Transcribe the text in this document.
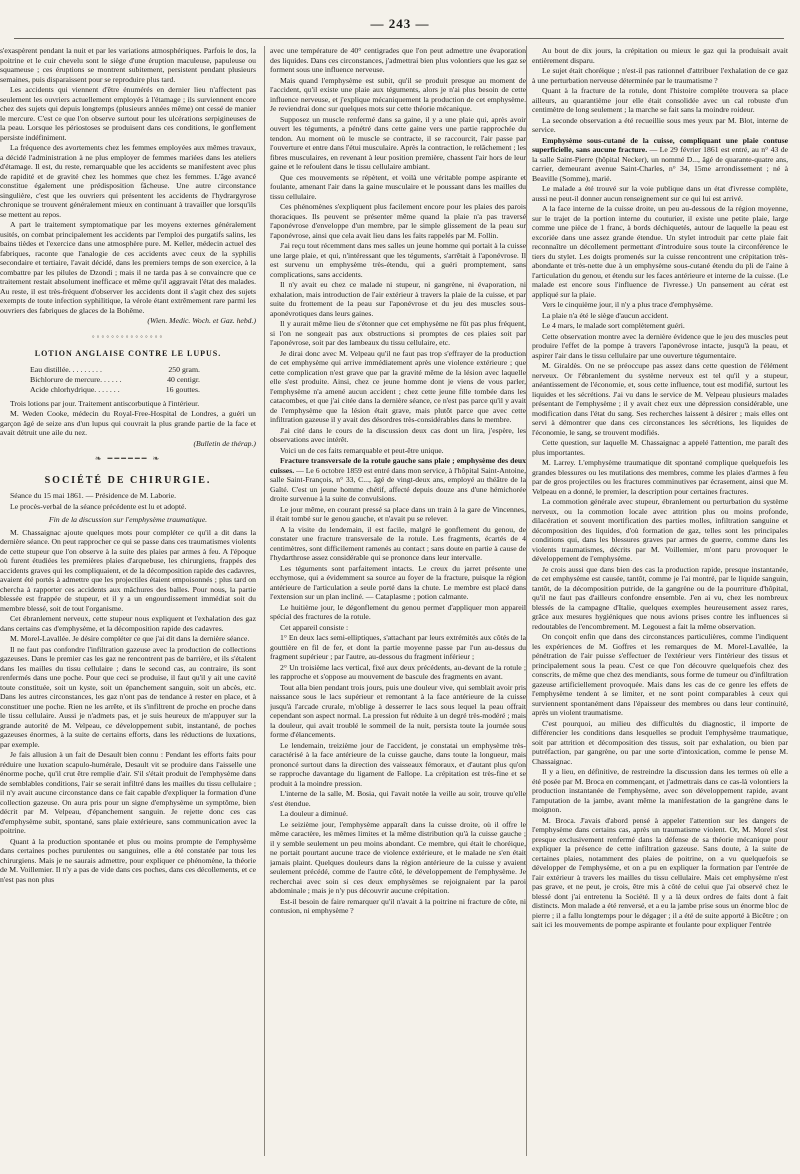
— 243 —

s'exaspèrent pendant la nuit et par les variations atmosphériques. Parfois le dos, la poitrine et le cuir chevelu sont le siège d'une éruption maculeuse, papuleuse ou squameuse ; ces éruptions se montrent subitement, persistent pendant plusieurs semaines, puis disparaissent pour se reproduire plus tard.

Les accidents qui viennent d'être énumérés en dernier lieu n'affectent pas seulement les ouvriers actuellement employés à l'étamage ; ils surviennent encore chez des sujets qui depuis longtemps (plusieurs années même) ont cessé de manier le mercure. C'est ce que l'on observe surtout pour les ulcérations serpigineuses de la peau. Lorsque les périostoses se produisent dans ces conditions, le gonflement persiste indéfiniment.

La fréquence des avortements chez les femmes employées aux mêmes travaux, a décidé l'administration à ne plus employer de femmes mariées dans les ateliers d'étamage. Il est, du reste, remarquable que les accidents se manifestent avec plus de rapidité et de gravité chez les hommes que chez les femmes. L'âge avancé constitue également une prédisposition fâcheuse. Une autre circonstance singulière, c'est que les ouvriers qui présentent les accidents de l'hydrargyrose chronique se trouvent généralement mieux en continuant à travailler que lorsqu'ils se mettent au repos.

A part le traitement symptomatique par les moyens externes généralement usités, on combat principalement les accidents par l'emploi des purgatifs salins, les bains tièdes et l'exercice dans une atmosphère pure. M. Keller, médecin actuel des fabriques, raconte que l'analogie de ces accidents avec ceux de la syphilis secondaire et tertiaire, l'avait décidé, dans les premiers temps de son exercice, à la combattre par les pilules de Dzondi ; mais il ne tarda pas à se convaincre que ce traitement restait absolument inefficace et même qu'il aggravait l'état des malades. Au reste, il est très-fréquent d'observer les accidents dont il s'agit chez des sujets exempts de toute infection syphilitique, la vérole étant extrêmement rare parmi les ouvriers des fabriques de glaces de la Bohême.

(Wien. Medic. Woch. et Gaz. hebd.)
◦◦◦◦◦◦◦◦◦◦◦◦◦◦◦
LOTION ANGLAISE CONTRE LE LUPUS.
Eau distillée. . . . . . . . .	250 gram.
Bichlorure de mercure. . . . . .	40 centigr.
Acide chlorhydrique. . . . . . .	16 gouttes.

Trois lotions par jour. Traitement antiscorbutique à l'intérieur.

M. Weden Cooke, médecin du Royal-Free-Hospital de Londres, a guéri un garçon âgé de seize ans d'un lupus qui couvrait la plus grande partie de la face et avait détruit une aile du nez.

(Bulletin de thérap.)
❧ ━━━━━━ ❧
SOCIÉTÉ DE CHIRURGIE.

Séance du 15 mai 1861. — Présidence de M. Laborie.

Le procès-verbal de la séance précédente est lu et adopté.

Fin de la discussion sur l'emphysème traumatique.

M. Chassaignac ajoute quelques mots pour compléter ce qu'il a dit dans la dernière séance. On peut rapprocher ce qui se passe dans ces traumatismes violents de cette stupeur que l'on observe à la suite des plaies par armes à feu. A l'époque où furent étudiées les premières plaies d'arquebuse, les chirurgiens, frappés des accidents graves qui les compliquaient, et de la décomposition rapide des cadavres, avaient été portés à admettre que les projectiles étaient empoisonnés ; plus tard on chercha à rapporter ces accidents aux mâchures des balles. Pour nous, la partie blessée est frappée de stupeur, et il y a un engourdissement immédiat soit du membre blessé, soit de tout l'organisme.

Cet ébranlement nerveux, cette stupeur nous expliquent et l'exhalation des gaz dans certains cas d'emphysème, et la décomposition rapide des cadavres.

M. Morel-Lavallée. Je désire compléter ce que j'ai dit dans la dernière séance.

Il ne faut pas confondre l'infiltration gazeuse avec la production de collections gazeuses. Dans le premier cas les gaz ne rencontrent pas de barrière, et ils s'étalent dans les mailles du tissu cellulaire ; dans le second cas, au contraire, ils sont renfermés dans une poche. Pour que ceci se produise, il faut qu'il y ait une cavité toute constituée, soit un kyste, soit un épanchement sanguin, soit un abcès, etc. Dans les autres circonstances, les gaz n'ont pas de tendance à rester en place, et à constituer une poche. Rien ne les arrête, et ils s'infiltrent de proche en proche dans le tissu cellulaire. Aussi je n'admets pas, et je suis heureux de m'appuyer sur la grande autorité de M. Velpeau, ce développement subit, instantané, de poches gazeuses énormes, à la suite de certains efforts, dans les réductions de luxations, par exemple.

Je fais allusion à un fait de Desault bien connu : Pendant les efforts faits pour réduire une luxation scapulo-humérale, Desault vit se produire dans l'aisselle une énorme poche, qu'il crut être remplie d'air. S'il s'était produit de l'emphysème dans de semblables conditions, l'air se serait infiltré dans les mailles du tissu cellulaire ; il n'y avait aucune circonstance dans ce fait capable d'expliquer la formation d'une collection gazeuse. On aura pris pour un signe d'emphysème un symptôme, bien décrit par M. Velpeau, d'épanchement sanguin. Je rejette donc ces cas d'emphysème subit, spontané, sans plaie extérieure, sans communication avec la poitrine.

Quant à la production spontanée et plus ou moins prompte de l'emphysème dans certaines poches purulentes ou sanguines, elle a été constatée par tous les chirurgiens. Mais je ne saurais admettre, pour expliquer ce phénomène, la théorie de M. Voillemier. Il n'y a pas de vide dans ces poches, dans ces décollements, et ce n'est pas non plus

avec une température de 40° centigrades que l'on peut admettre une évaporation des liquides. Dans ces circonstances, j'admettrai bien plus volontiers que les gaz se forment sous une influence nerveuse.

Mais quand l'emphysème est subit, qu'il se produit presque au moment de l'accident, qu'il existe une plaie aux téguments, alors je n'ai plus besoin de cette influence nerveuse, et j'explique mécaniquement la production de cet emphysème. Je reviendrai donc sur quelques mots sur cette théorie mécanique.

Supposez un muscle renfermé dans sa gaine, il y a une plaie qui, après avoir ouvert les téguments, a pénétré dans cette gaine vers une partie rapprochée du tendon. Au moment où le muscle se contracte, il se raccourcit, l'air passe par l'ouverture et entre dans l'étui musculaire. Après la contraction, le relâchement ; les fibres musculaires, en revenant à leur position première, chassent l'air hors de leur gaine et le refoulent dans le tissu cellulaire ambiant.

Que ces mouvements se répètent, et voilà une véritable pompe aspirante et foulante, amenant l'air dans la gaine musculaire et le poussant dans les mailles du tissu cellulaire.

Ces phénomènes s'expliquent plus facilement encore pour les plaies des parois thoraciques. Ils peuvent se présenter même quand la plaie n'a pas traversé l'aponévrose d'enveloppe d'un membre, par le simple glissement de la peau sur l'aponévrose, ainsi que cela avait lieu dans les faits rappelés par M. Follin.

J'ai reçu tout récemment dans mes salles un jeune homme qui portait à la cuisse une large plaie, et qui, n'intéressant que les téguments, s'arrêtait à l'aponévrose. Il est survenu un emphysème très-étendu, qui a guéri promptement, sans complications, sans accidents.

Il n'y avait eu chez ce malade ni stupeur, ni gangrène, ni évaporation, ni exhalation, mais introduction de l'air extérieur à travers la plaie de la cuisse, et par suite du frottement de la peau sur l'aponévrose et du jeu des muscles sous-aponévrotiques dans leurs gaines.

Il y aurait même lieu de s'étonner que cet emphysème ne fût pas plus fréquent, si l'on ne songeait pas aux obstructions si promptes de ces plaies soit par l'aponévrose, soit par des lambeaux du tissu cellulaire, etc.

Je dirai donc avec M. Velpeau qu'il ne faut pas trop s'effrayer de la production de cet emphysème qui arrive immédiatement après une violence extérieure ; que cette complication n'est grave que par la gravité même de la lésion avec laquelle elle s'est produite. Ainsi, chez ce jeune homme dont je viens de vous parler, l'emphysème n'a amené aucun accident ; chez cette jeune fille tombée dans les catacombes, et que j'ai citée dans la dernière séance, ce n'est pas parce qu'il y avait de l'emphysème que la lésion était grave, mais plutôt parce que avec cette infiltration gazeuse il y avait des désordres très-considérables dans le membre.

J'ai cité dans le cours de la discussion deux cas dont un lira, j'espère, les observations avec intérêt.

Voici un de ces faits remarquable et peut-être unique.

Fracture transversale de la rotule gauche sans plaie ; emphysème des deux cuisses. — Le 6 octobre 1859 est entré dans mon service, à l'hôpital Saint-Antoine, salle Saint-François, n° 33, C..., âgé de vingt-deux ans, employé au théâtre de la Gaîté. C'est un jeune homme chétif, affecté depuis douze ans d'une hémichorée droite survenue à la suite de convulsions.

Le jour même, en courant pressé sa place dans un train à la gare de Vincennes, il était tombé sur le genou gauche, et n'avait pu se relever.

A la visite du lendemain, il est facile, malgré le gonflement du genou, de constater une fracture transversale de la rotule. Les fragments, écartés de 4 centimètres, sont difficilement ramenés au contact ; sans doute en partie à cause de l'hydarthrose assez considérable qui se prononce dans leur intervalle.

Les téguments sont parfaitement intacts. Le creux du jarret présente une ecchymose, qui a évidemment sa source au foyer de la fracture, puisque la région antérieure de l'articulation a seule porté dans la chute. Le membre est placé dans l'extension sur un plan incliné. — Cataplasme ; potion calmante.

Le huitième jour, le dégonflement du genou permet d'appliquer mon appareil spécial des fractures de la rotule.

Cet appareil consiste :

1° En deux lacs semi-elliptiques, s'attachant par leurs extrémités aux côtés de la gouttière en fil de fer, et dont la partie moyenne passe par l'un au-dessus du fragment supérieur ; par l'autre, au-dessous du fragment inférieur ;

2° Un troisième lacs vertical, fixé aux deux précédents, au-devant de la rotule ; les rapproche et s'oppose au mouvement de bascule des fragments en avant.

Tout alla bien pendant trois jours, puis une douleur vive, qui semblait avoir pris naissance sous le lacs supérieur et remontant à la face antérieure de la cuisse jusqu'à l'arcade crurale, m'oblige à desserrer le lacs sous lequel la peau offrait cependant son aspect normal. La pression fut réduite à un degré très-modéré ; mais la douleur, qui avait troublé le sommeil de la nuit, persista toute la journée sous forme d'élancements.

Le lendemain, treizième jour de l'accident, je constatai un emphysème très-caractérisé à la face antérieure de la cuisse gauche, dans toute la longueur, mais prononcé surtout dans la direction des vaisseaux fémoraux, et d'autant plus qu'on se rapproche davantage du ligament de Fallope. La crépitation est très-fine et se produit à la moindre pression.

L'interne de la salle, M. Bosia, qui l'avait notée la veille au soir, trouve qu'elle s'est étendue.

La douleur a diminué.

Le seizième jour, l'emphysème apparaît dans la cuisse droite, où il offre le même caractère, les mêmes limites et la même distribution qu'à la cuisse gauche ; il y semble seulement un peu moins abondant. Ce membre, qui était le choréique, ne portait pourtant aucune trace de violence extérieure, et le malade ne s'en était jamais plaint. Quelques douleurs dans la région antérieure de la cuisse y avaient seulement précédé, comme de l'autre côté, le développement de l'emphysème. Je recherchai avec soin si ces deux emphysèmes se rejoignaient par la paroi abdominale ; mais je n'y pus découvrir aucune crépitation.

Est-il besoin de faire remarquer qu'il n'avait à la poitrine ni fracture de côte, ni contusion, ni emphysème ?

Au bout de dix jours, la crépitation ou mieux le gaz qui la produisait avait entièrement disparu.

Le sujet était choréique ; n'est-il pas rationnel d'attribuer l'exhalation de ce gaz à une perturbation nerveuse déterminée par le traumatisme ?

Quant à la fracture de la rotule, dont l'histoire complète trouvera sa place ailleurs, au quarantième jour elle était consolidée avec un cal robuste d'un centimètre de long seulement ; la marche se fait sans la moindre roideur.

La seconde observation a été recueillie sous mes yeux par M. Blot, interne de service.

Emphysème sous-cutané de la cuisse, compliquant une plaie contuse superficielle, sans aucune fracture. — Le 29 février 1861 est entré, au n° 43 de la salle Saint-Pierre (hôpital Necker), un nommé D..., âgé de quarante-quatre ans, carrier, demeurant avenue Saint-Charles, n° 34, 15me arrondissement ; né à Beaville (Somme), marié.

Le malade a été trouvé sur la voie publique dans un état d'ivresse complète, aussi ne peut-il donner aucun renseignement sur ce qui lui est arrivé.

A la face interne de la cuisse droite, un peu au-dessous de la région moyenne, sur le trajet de la portion interne du couturier, il existe une petite plaie, large comme une pièce de 1 franc, à bords déchiquetés, autour de laquelle la peau est excoriée dans une assez grande étendue. Un stylet introduit par cette plaie fait reconnaître un décollement permettant d'introduire sous toute la circonférence le tiers du stylet. Les doigts promenés sur la cuisse rencontrent une crépitation très-abondante et très-nette due à un emphysème sous-cutané étendu du pli de l'aine à l'articulation du genou, et étendu sur les faces antérieure et interne de la cuisse. (Le malade est encore sous l'influence de l'ivresse.) Un pansement au cérat est appliqué sur la plaie.

Vers le cinquième jour, il n'y a plus trace d'emphysème.

La plaie n'a été le siège d'aucun accident.

Le 4 mars, le malade sort complètement guéri.

Cette observation montre avec la dernière évidence que le jeu des muscles peut produire l'effet de la pompe à travers l'aponévrose intacte, jusqu'à la peau, et aspirer l'air dans le tissu cellulaire par une ouverture tégumentaire.

M. Giraldès. On ne se préoccupe pas assez dans cette question de l'élément nerveux. Or l'ébranlement du système nerveux est tel qu'il y a stupeur, anéantissement de l'économie, et, sous cette influence, tout est modifié, surtout les liquides et les sécrétions. J'ai vu dans le service de M. Velpeau plusieurs malades présentant de l'emphysème ; il y avait chez eux une dépression considérable, une modification dans l'état du sang. Ses recherches laissent à désirer ; mais elles ont servi à démontrer que dans ces circonstances les sécrétions, les liquides de l'économie, le sang, se trouvent modifiés.

Cette question, sur laquelle M. Chassaignac a appelé l'attention, me paraît des plus importantes.

M. Larrey. L'emphysème traumatique dit spontané complique quelquefois les grandes blessures ou les mutilations des membres, comme les plaies d'armes à feu par de gros projectiles ou les fractures comminutives par écrasement, ainsi que M. Velpeau en a donné, le premier, la description pour certaines fractures.

La commotion générale avec stupeur, ébranlement ou perturbation du système nerveux, ou la commotion locale avec attrition plus ou moins profonde, dilacération et souvent mortification des parties molles, infiltration sanguine et décomposition des liquides, d'où formation de gaz, telles sont les principales conditions qui, dans les blessures graves par armes de guerre, comme dans les violents traumatismes, décrits par M. Voillemier, m'ont paru provoquer le développement de l'emphysème.

Je crois aussi que dans bien des cas la production rapide, presque instantanée, de cet emphysème est causée, tantôt, comme je l'ai montré, par le liquide sanguin, tantôt, de la décomposition putride, de la gangrène ou de la pourriture d'hôpital, qu'il ne faut pas d'ailleurs confondre ensemble. J'en ai vu, chez les nombreux blessés de la campagne d'Italie, quelques exemples heureusement assez rares, grâce aux mesures hygiéniques que nous avions prises contre les influences si redoutables de l'encombrement. M. Legouest a fait la même observation.

On conçoit enfin que dans des circonstances particulières, comme l'indiquent les expériences de M. Goffres et les remarques de M. Morel-Lavallée, la pénétration de l'air puisse s'effectuer de l'extérieur vers l'intérieur des tissus et principalement sous la peau. C'est ce que l'on découvre quelquefois chez des conscrits, de même que chez des mendiants, sous forme de tumeur ou d'infiltration gazeuse artificiellement provoquée. Mais dans les cas de ce genre les effets de l'emphysème tendent à se limiter, et ne sont point comparables à ceux qui surviennent spontanément dans l'épaisseur des membres ou dans leur continuité, après un violent traumatisme.

C'est pourquoi, au milieu des difficultés du diagnostic, il importe de différencier les conditions dans lesquelles se produit l'emphysème traumatique, soit par attrition et décomposition des tissus, soit par exhalation, ou bien par putréfaction, par gangrène, ou par une sorte d'intoxication, comme le pense M. Chassaignac.

Il y a lieu, en définitive, de restreindre la discussion dans les termes où elle a été posée par M. Broca en commençant, et j'admettrais dans ce cas-là volontiers la production instantanée de l'emphysème, avec son développement rapide, avant l'amputation de la jambe, avant même la manifestation de la gangrène dans le moignon.

M. Broca. J'avais d'abord pensé à appeler l'attention sur les dangers de l'emphysème dans certains cas, après un traumatisme violent. Or, M. Morel s'est presque exclusivement renfermé dans la défense de sa théorie mécanique pour expliquer la présence de cette infiltration gazeuse. Sans doute, à la suite de certaines plaies, notamment des plaies de poitrine, on a vu quelquefois se développer de l'emphysème, et on a pu en expliquer la formation par l'entrée de l'air extérieur à travers les mailles du tissu cellulaire. Mais cet emphysème n'est pas grave, et ne peut, je crois, être mis à côté de celui que j'ai observé chez le blessé dont j'ai entretenu la Société. Il y a là deux ordres de faits dont à fait distincts. Mon malade a été renversé, et a eu la jambe prise sous un énorme bloc de pierre ; il a fallu longtemps pour le dégager ; il a été de suite apporté à Bicêtre ; on sait ici les mouvements de pompe aspirante et foulante pour expliquer l'entrée
